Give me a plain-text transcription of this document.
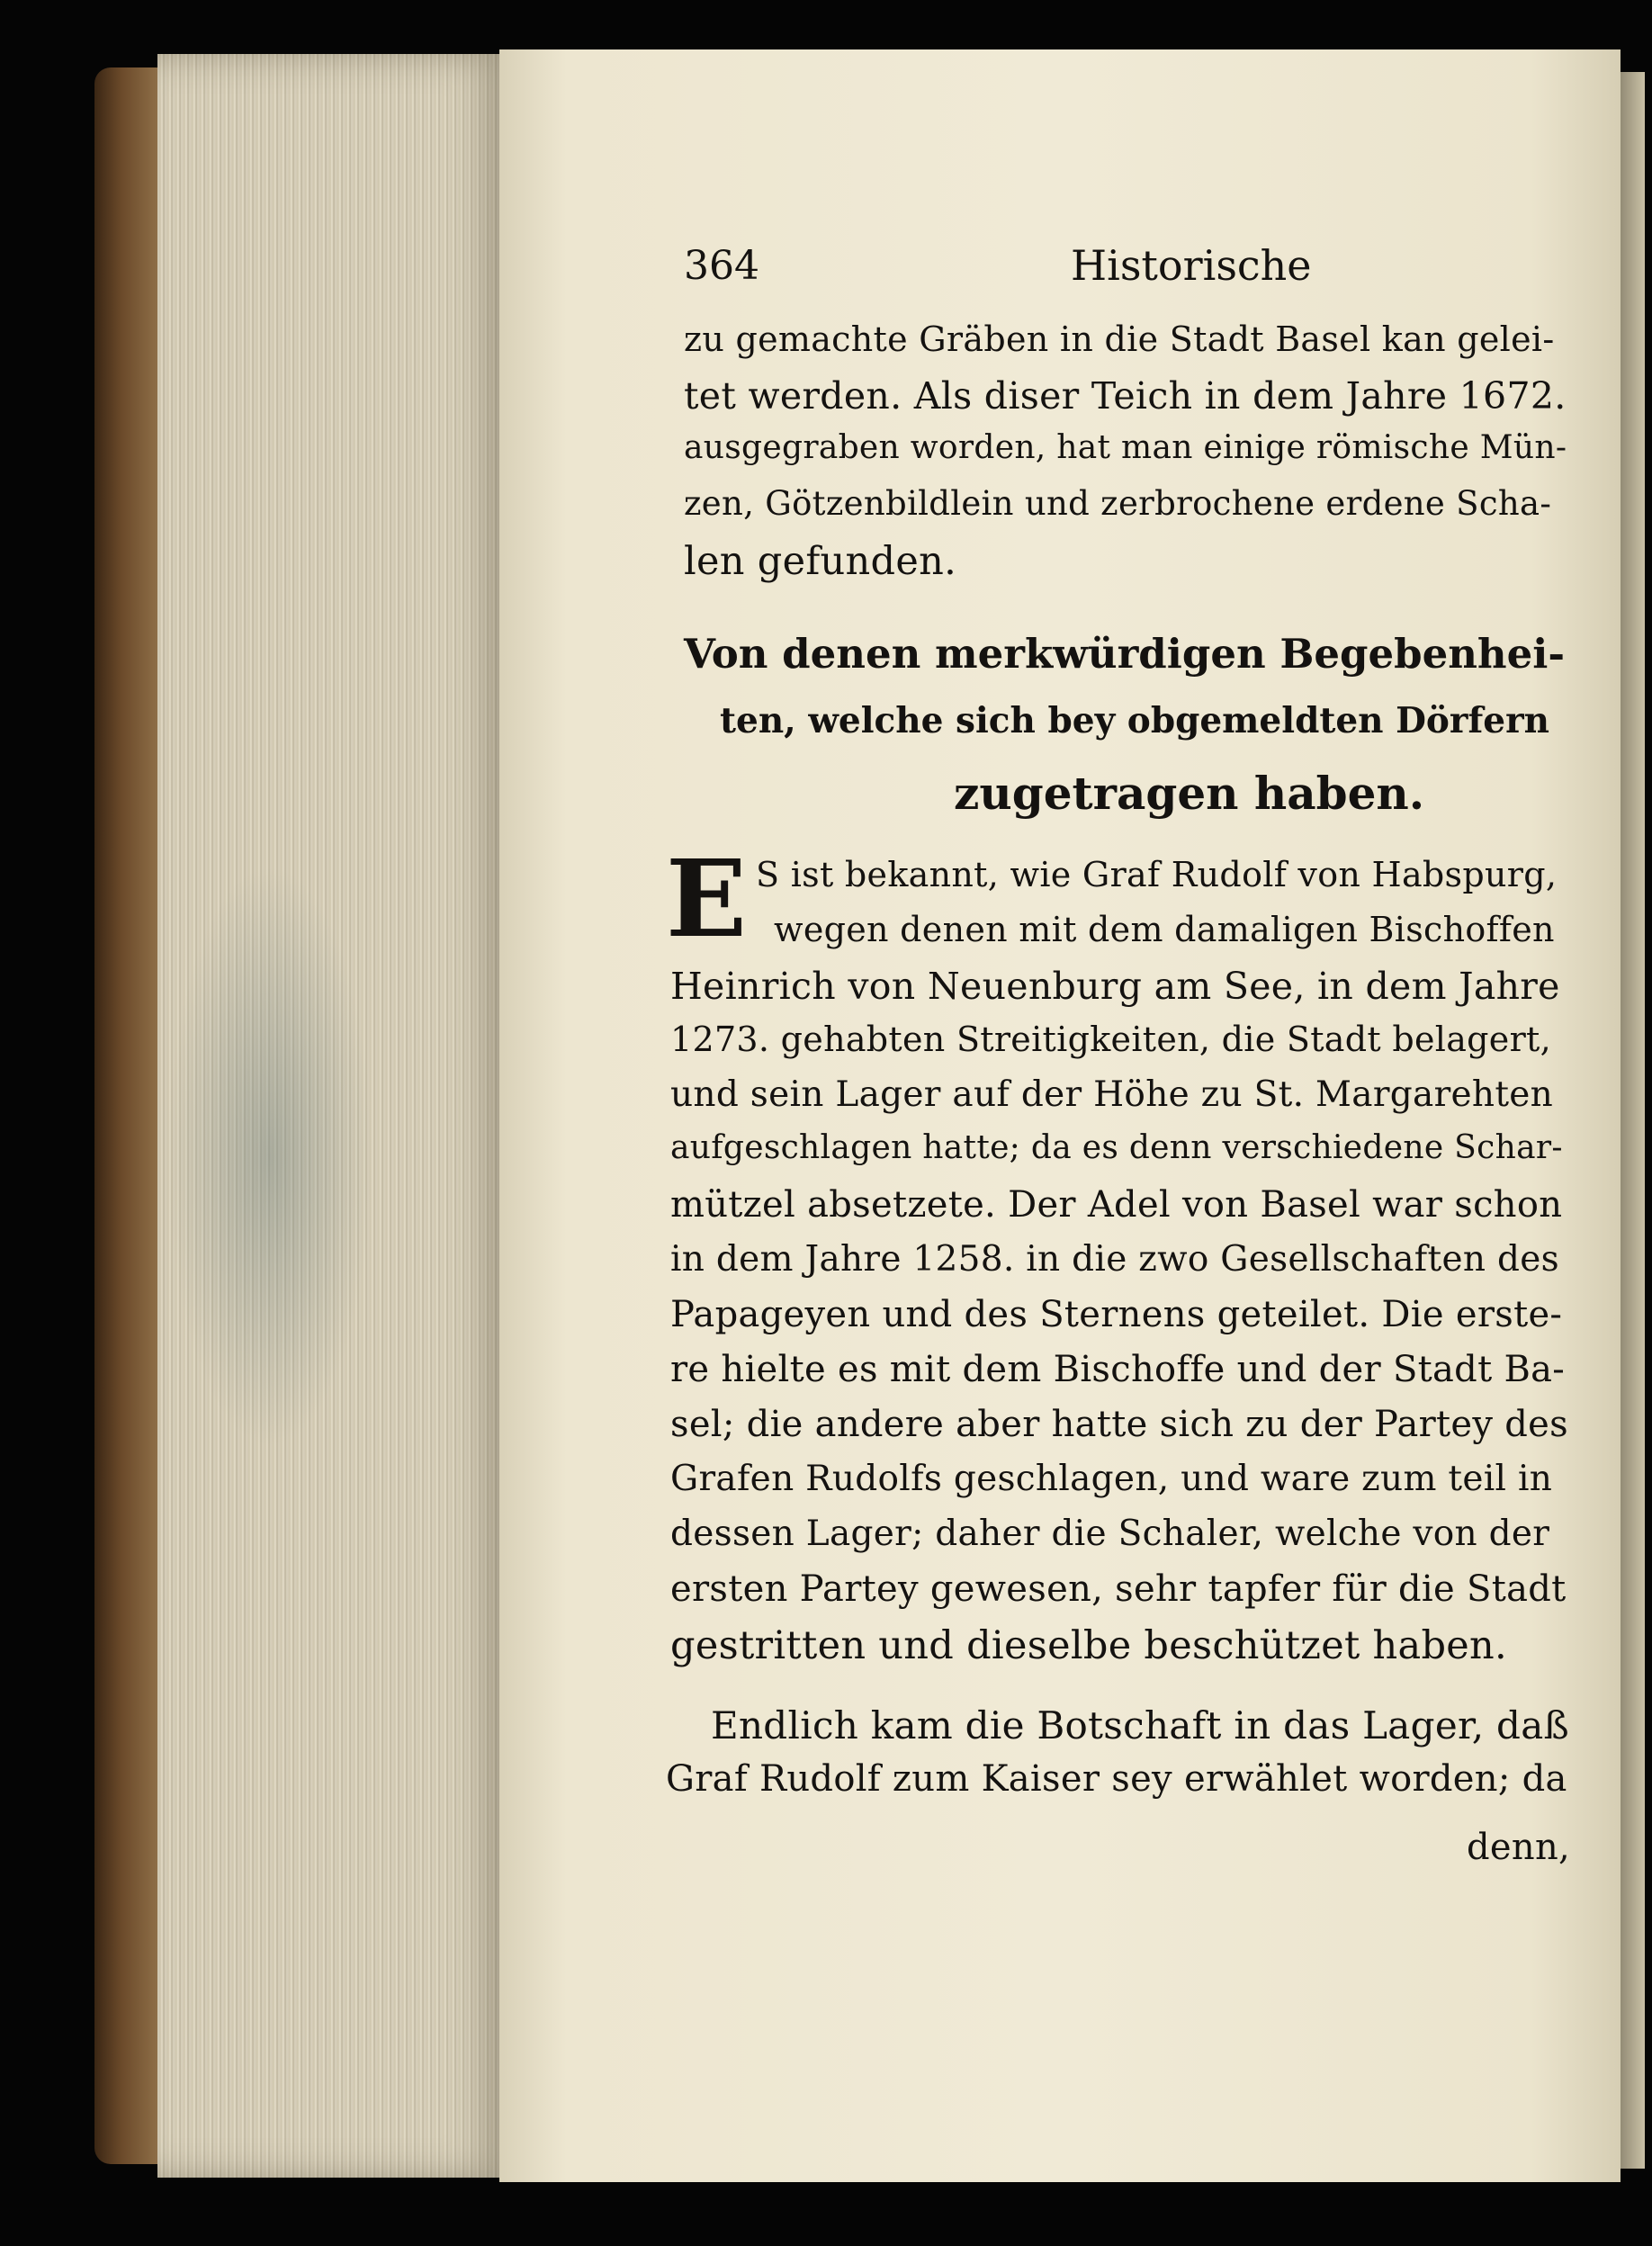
364	Historische
zu gemachte Gräben in die Stadt Basel kan gelei-
tet werden. Als diser Teich in dem Jahre 1672.
ausgegraben worden, hat man einige römische Mün-
zen, Götzenbildlein und zerbrochene erdene Scha-
len gefunden.
Von denen merkwürdigen Begebenhei-
ten, welche sich bey obgemeldten Dörfern
zugetragen haben.
E S ist bekannt, wie Graf Rudolf von Habspurg,
wegen denen mit dem damaligen Bischoffen
Heinrich von Neuenburg am See, in dem Jahre
1273. gehabten Streitigkeiten, die Stadt belagert,
und sein Lager auf der Höhe zu St. Margarehten
aufgeschlagen hatte; da es denn verschiedene Schar-
mützel absetzete. Der Adel von Basel war schon
in dem Jahre 1258. in die zwo Gesellschaften des
Papageyen und des Sternens geteilet. Die erste-
re hielte es mit dem Bischoffe und der Stadt Ba-
sel; die andere aber hatte sich zu der Partey des
Grafen Rudolfs geschlagen, und ware zum teil in
dessen Lager; daher die Schaler, welche von der
ersten Partey gewesen, sehr tapfer für die Stadt
gestritten und dieselbe beschützet haben.
Endlich kam die Botschaft in das Lager, daß
Graf Rudolf zum Kaiser sey erwählet worden; da
denn,
